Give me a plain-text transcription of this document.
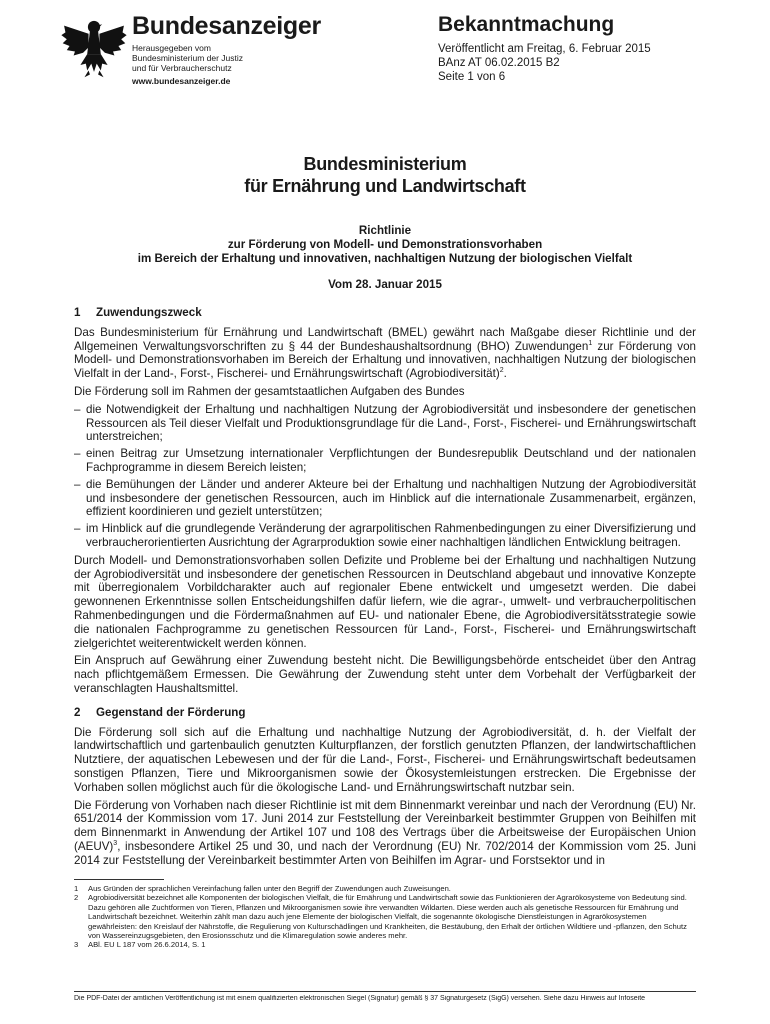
Bundesanzeiger
Herausgegeben vom
Bundesministerium der Justiz
und für Verbraucherschutz
www.bundesanzeiger.de
Bekanntmachung
Veröffentlicht am Freitag, 6. Februar 2015
BAnz AT 06.02.2015 B2
Seite 1 von 6
Bundesministerium
für Ernährung und Landwirtschaft
Richtlinie
zur Förderung von Modell- und Demonstrationsvorhaben
im Bereich der Erhaltung und innovativen, nachhaltigen Nutzung der biologischen Vielfalt
Vom 28. Januar 2015
1 Zuwendungszweck

Das Bundesministerium für Ernährung und Landwirtschaft (BMEL) gewährt nach Maßgabe dieser Richtlinie und der Allgemeinen Verwaltungsvorschriften zu § 44 der Bundeshaushaltsordnung (BHO) Zuwendungen$^1$ zur Förderung von Modell- und Demonstrationsvorhaben im Bereich der Erhaltung und innovativen, nachhaltigen Nutzung der biologischen Vielfalt in der Land-, Forst-, Fischerei- und Ernährungswirtschaft (Agrobiodiversität)$^2$.

Die Förderung soll im Rahmen der gesamtstaatlichen Aufgaben des Bundes

– die Notwendigkeit der Erhaltung und nachhaltigen Nutzung der Agrobiodiversität und insbesondere der genetischen Ressourcen als Teil dieser Vielfalt und Produktionsgrundlage für die Land-, Forst-, Fischerei- und Ernährungswirtschaft unterstreichen;
– einen Beitrag zur Umsetzung internationaler Verpflichtungen der Bundesrepublik Deutschland und der nationalen Fachprogramme in diesem Bereich leisten;
– die Bemühungen der Länder und anderer Akteure bei der Erhaltung und nachhaltigen Nutzung der Agrobiodiversität und insbesondere der genetischen Ressourcen, auch im Hinblick auf die internationale Zusammenarbeit, ergänzen, effizient koordinieren und gezielt unterstützen;
– im Hinblick auf die grundlegende Veränderung der agrarpolitischen Rahmenbedingungen zu einer Diversifizierung und verbraucherorientierten Ausrichtung der Agrarproduktion sowie einer nachhaltigen ländlichen Entwicklung beitragen.

Durch Modell- und Demonstrationsvorhaben sollen Defizite und Probleme bei der Erhaltung und nachhaltigen Nutzung der Agrobiodiversität und insbesondere der genetischen Ressourcen in Deutschland abgebaut und innovative Konzepte mit überregionalem Vorbildcharakter auch auf regionaler Ebene entwickelt und umgesetzt werden. Die dabei gewonnenen Erkenntnisse sollen Entscheidungshilfen dafür liefern, wie die agrar-, umwelt- und verbraucherpolitischen Rahmenbedingungen und die Fördermaßnahmen auf EU- und nationaler Ebene, die Agrobiodiversitätsstrategie sowie die nationalen Fachprogramme zu genetischen Ressourcen für Land-, Forst-, Fischerei- und Ernährungswirtschaft zielgerichtet weiterentwickelt werden können.

Ein Anspruch auf Gewährung einer Zuwendung besteht nicht. Die Bewilligungsbehörde entscheidet über den Antrag nach pflichtgemäßem Ermessen. Die Gewährung der Zuwendung steht unter dem Vorbehalt der Verfügbarkeit der veranschlagten Haushaltsmittel.

2 Gegenstand der Förderung

Die Förderung soll sich auf die Erhaltung und nachhaltige Nutzung der Agrobiodiversität, d. h. der Vielfalt der landwirtschaftlich und gartenbaulich genutzten Kulturpflanzen, der forstlich genutzten Pflanzen, der landwirtschaftlichen Nutztiere, der aquatischen Lebewesen und der für die Land-, Forst-, Fischerei- und Ernährungswirtschaft bedeutsamen sonstigen Pflanzen, Tiere und Mikroorganismen sowie der Ökosystemleistungen erstrecken. Die Ergebnisse der Vorhaben sollen möglichst auch für die ökologische Land- und Ernährungswirtschaft nutzbar sein.

Die Förderung von Vorhaben nach dieser Richtlinie ist mit dem Binnenmarkt vereinbar und nach der Verordnung (EU) Nr. 651/2014 der Kommission vom 17. Juni 2014 zur Feststellung der Vereinbarkeit bestimmter Gruppen von Beihilfen mit dem Binnenmarkt in Anwendung der Artikel 107 und 108 des Vertrags über die Arbeitsweise der Europäischen Union (AEUV)$^3$, insbesondere Artikel 25 und 30, und nach der Verordnung (EU) Nr. 702/2014 der Kommission vom 25. Juni 2014 zur Feststellung der Vereinbarkeit bestimmter Arten von Beihilfen im Agrar- und Forstsektor und in

1	Aus Gründen der sprachlichen Vereinfachung fallen unter den Begriff der Zuwendungen auch Zuweisungen.
2	Agrobiodiversität bezeichnet alle Komponenten der biologischen Vielfalt, die für Ernährung und Landwirtschaft sowie das Funktionieren der Agrarökosysteme von Bedeutung sind. Dazu gehören alle Zuchtformen von Tieren, Pflanzen und Mikroorganismen sowie ihre verwandten Wildarten. Diese werden auch als genetische Ressourcen für Ernährung und Landwirtschaft bezeichnet. Weiterhin zählt man dazu auch jene Elemente der biologischen Vielfalt, die sogenannte ökologische Dienstleistungen in Agrarökosystemen gewährleisten: den Kreislauf der Nährstoffe, die Regulierung von Kulturschädlingen und Krankheiten, die Bestäubung, den Erhalt der örtlichen Wildtiere und -pflanzen, den Schutz von Wassereinzugsgebieten, den Erosionsschutz und die Klimaregulation sowie anderes mehr.
3	ABl. EU L 187 vom 26.6.2014, S. 1
Die PDF-Datei der amtlichen Veröffentlichung ist mit einem qualifizierten elektronischen Siegel (Signatur) gemäß § 37 Signaturgesetz (SigG) versehen. Siehe dazu Hinweis auf Infoseite
